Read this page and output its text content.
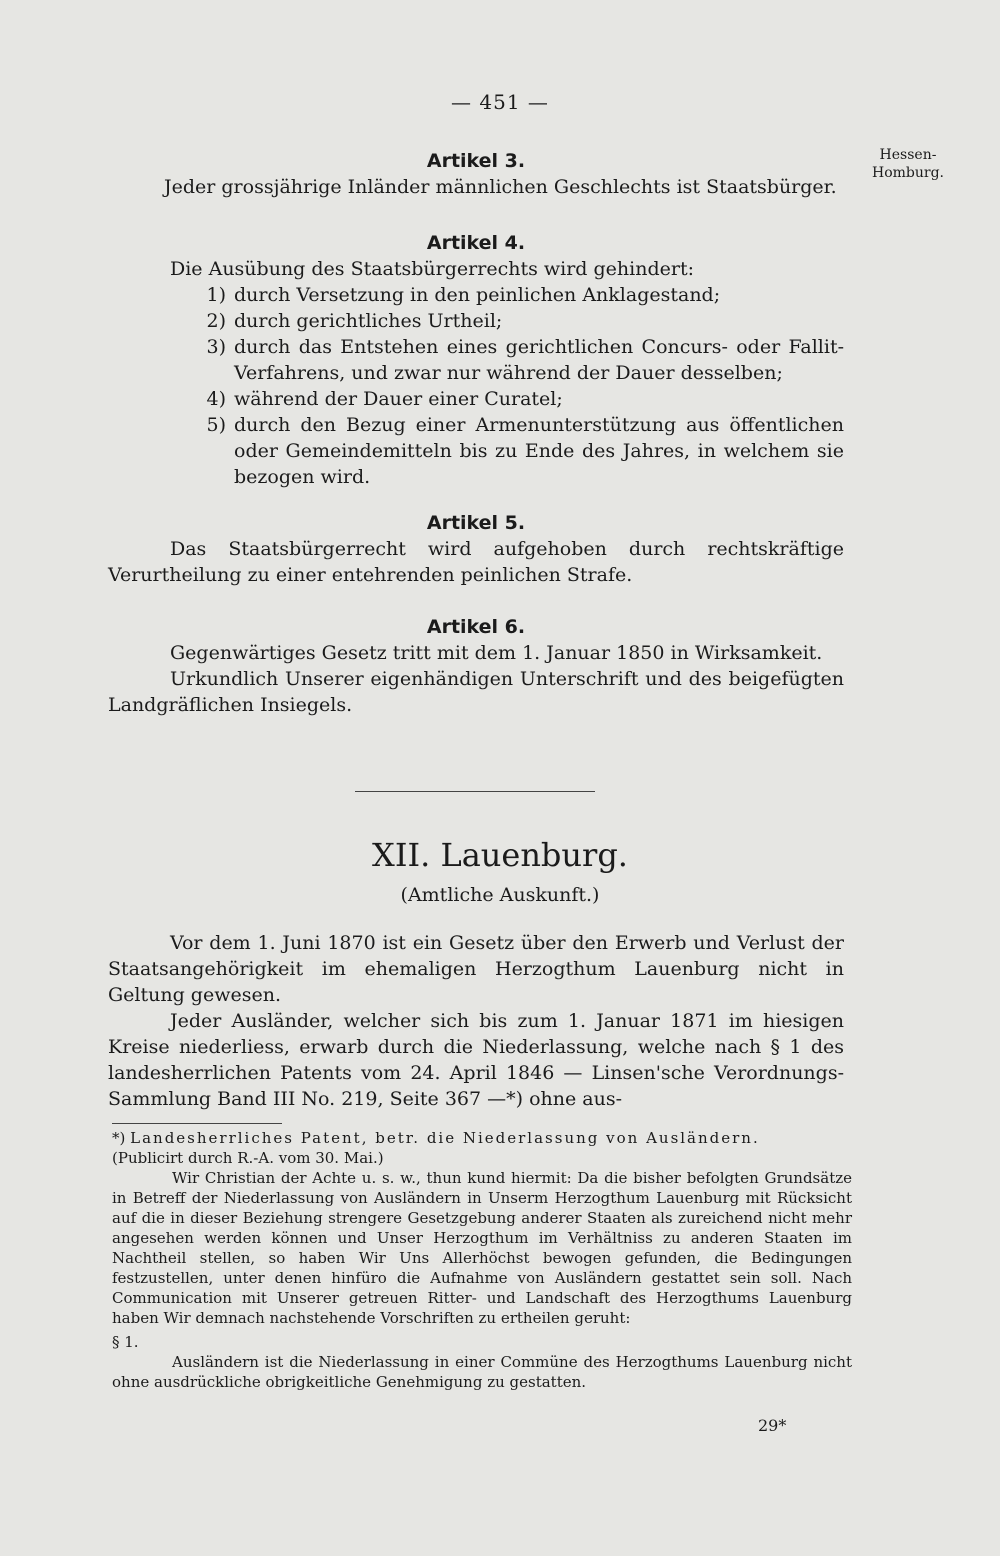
— 451 —
Hessen-Homburg.
Artikel 3.

Jeder grossjährige Inländer männlichen Geschlechts ist Staatsbürger.

Artikel 4.

Die Ausübung des Staatsbürgerrechts wird gehindert:

1) durch Versetzung in den peinlichen Anklagestand;
2) durch gerichtliches Urtheil;
3) durch das Entstehen eines gerichtlichen Concurs- oder Fallit-Verfahrens, und zwar nur während der Dauer desselben;
4) während der Dauer einer Curatel;
5) durch den Bezug einer Armenunterstützung aus öffentlichen oder Gemeindemitteln bis zu Ende des Jahres, in welchem sie bezogen wird.
Artikel 5.

Das Staatsbürgerrecht wird aufgehoben durch rechtskräftige Verurtheilung zu einer entehrenden peinlichen Strafe.

Artikel 6.

Gegenwärtiges Gesetz tritt mit dem 1. Januar 1850 in Wirksamkeit.

Urkundlich Unserer eigenhändigen Unterschrift und des beigefügten Landgräflichen Insiegels.

XII. Lauenburg.
(Amtliche Auskunft.)

Vor dem 1. Juni 1870 ist ein Gesetz über den Erwerb und Verlust der Staatsangehörigkeit im ehemaligen Herzogthum Lauenburg nicht in Geltung gewesen.

Jeder Ausländer, welcher sich bis zum 1. Januar 1871 im hiesigen Kreise niederliess, erwarb durch die Niederlassung, welche nach § 1 des landesherrlichen Patents vom 24. April 1846 — Linsen'sche Verordnungs-Sammlung Band III No. 219, Seite 367 —*) ohne aus-

*) Landesherrliches Patent, betr. die Niederlassung von Ausländern.

(Publicirt durch R.-A. vom 30. Mai.)

Wir Christian der Achte u. s. w., thun kund hiermit: Da die bisher befolgten Grundsätze in Betreff der Niederlassung von Ausländern in Unserm Herzogthum Lauenburg mit Rücksicht auf die in dieser Beziehung strengere Gesetzgebung anderer Staaten als zureichend nicht mehr angesehen werden können und Unser Herzogthum im Verhältniss zu anderen Staaten im Nachtheil stellen, so haben Wir Uns Allerhöchst bewogen gefunden, die Bedingungen festzustellen, unter denen hinfüro die Aufnahme von Ausländern gestattet sein soll. Nach Communication mit Unserer getreuen Ritter- und Landschaft des Herzogthums Lauenburg haben Wir demnach nachstehende Vorschriften zu ertheilen geruht:

§ 1.

Ausländern ist die Niederlassung in einer Commüne des Herzogthums Lauenburg nicht ohne ausdrückliche obrigkeitliche Genehmigung zu gestatten.

29*
